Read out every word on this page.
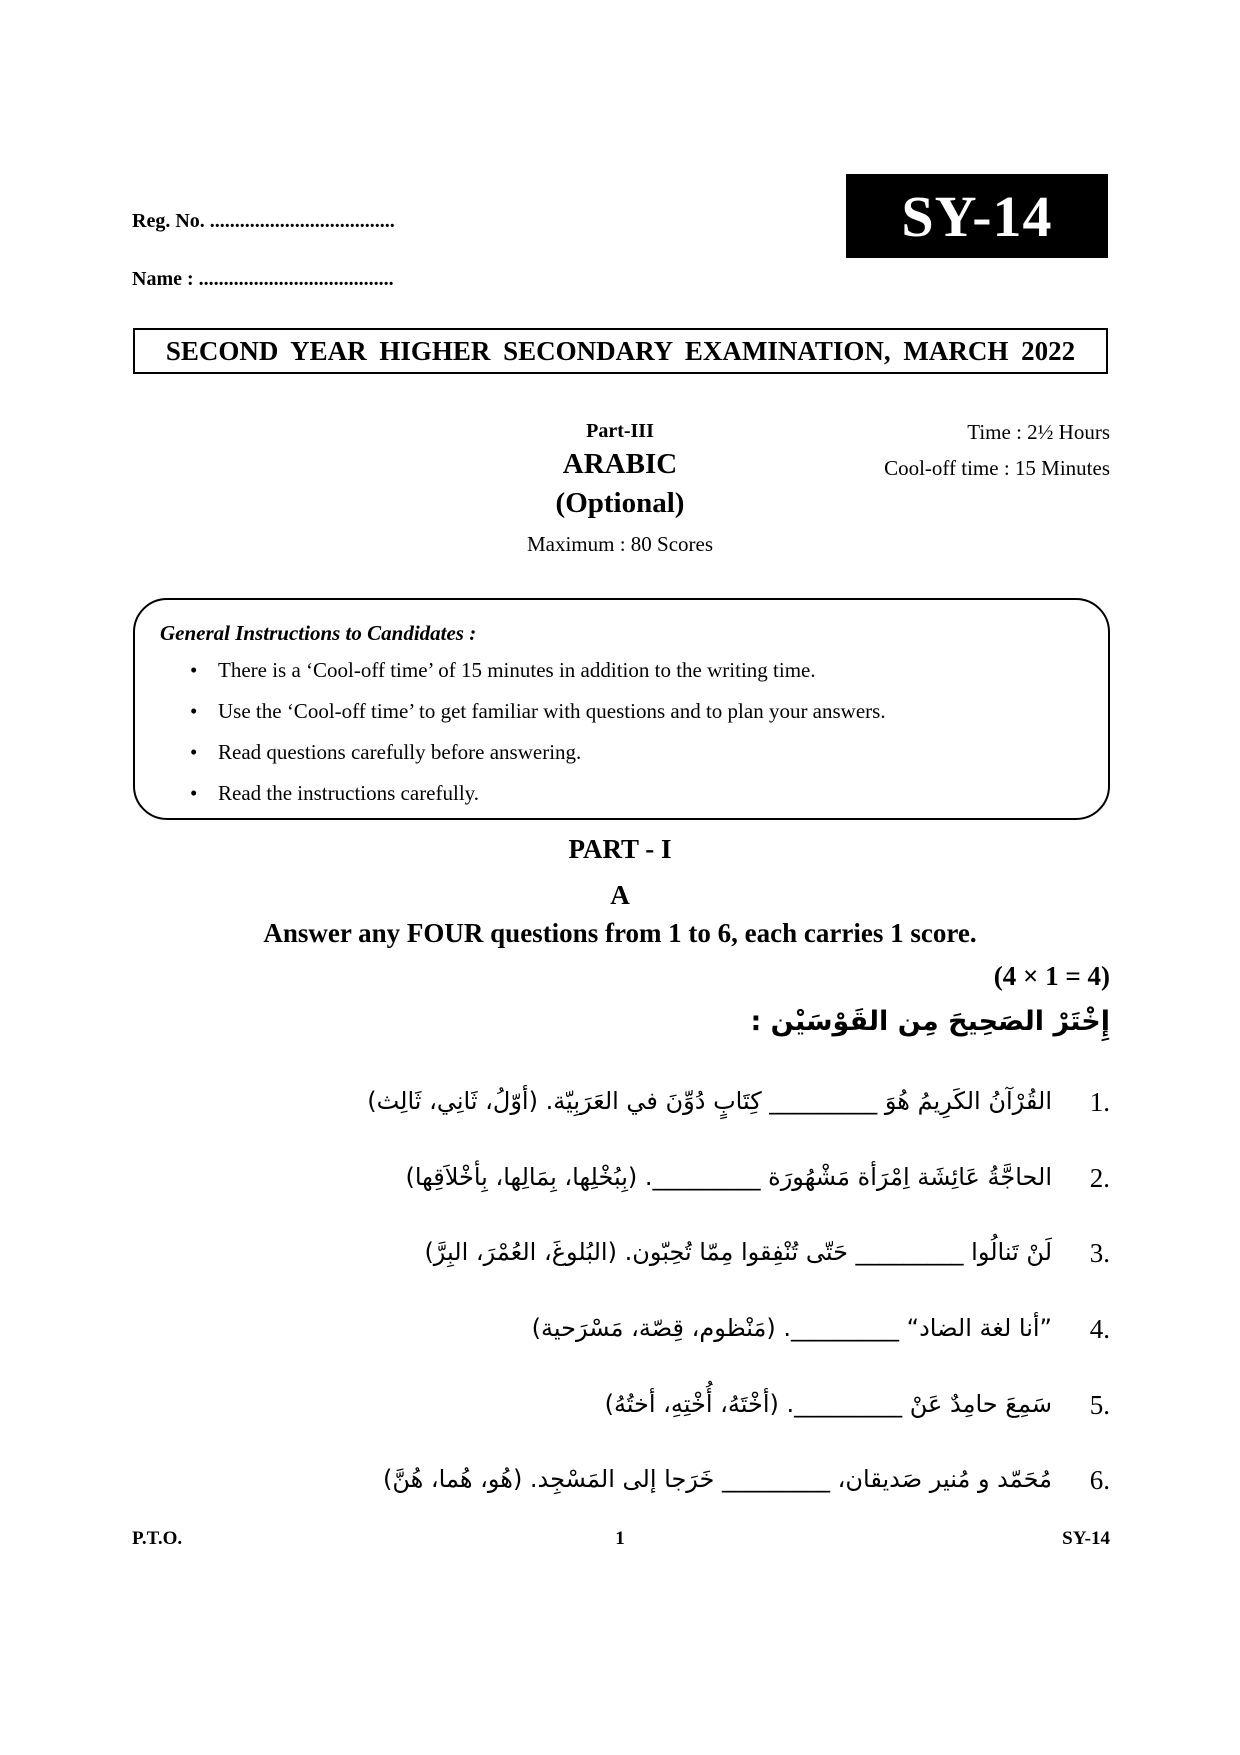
Reg. No. .....................................
Name : .......................................
SY-14
SECOND YEAR HIGHER SECONDARY EXAMINATION, MARCH 2022
Part-III
ARABIC
(Optional)
Maximum : 80 Scores
Time : 2½ Hours
Cool-off time : 15 Minutes
General Instructions to Candidates :
• There is a ‘Cool-off time’ of 15 minutes in addition to the writing time.
• Use the ‘Cool-off time’ to get familiar with questions and to plan your answers.
• Read questions carefully before answering.
• Read the instructions carefully.
PART - I
A
Answer any FOUR questions from 1 to 6, each carries 1 score.
(4 × 1 = 4)
إِخْتَرْ الصَحِيحَ مِن القَوْسَيْن :
1.
القُرْآنُ الكَرِيمُ هُوَ _________ كِتَابٍ دُوِّنَ في العَرَبِيّة. (أوّلُ، ثَانِي، ثَالِث)
2.
الحاجَّةُ عَائِشَة اِمْرَأة مَشْهُورَة _________. (بِبُخْلِها، بِمَالِها، بِأخْلاَقِها)
3.
لَنْ تَنالُوا _________ حَتّى تُنْفِقوا مِمّا تُحِبّون. (البُلوغَ، العُمْرَ، البِرَّ)
4.
”أنا لغة الضاد“ _________. (مَنْظوم، قِصّة، مَسْرَحية)
5.
سَمِعَ حامِدٌ عَنْ _________. (أخْتَهُ، أُخْتِهِ، أختُهُ)
6.
مُحَمّد و مُنير صَديقان، _________ خَرَجا إلى المَسْجِد. (هُو، هُما، هُنَّ)
P.T.O.	1	SY-14
